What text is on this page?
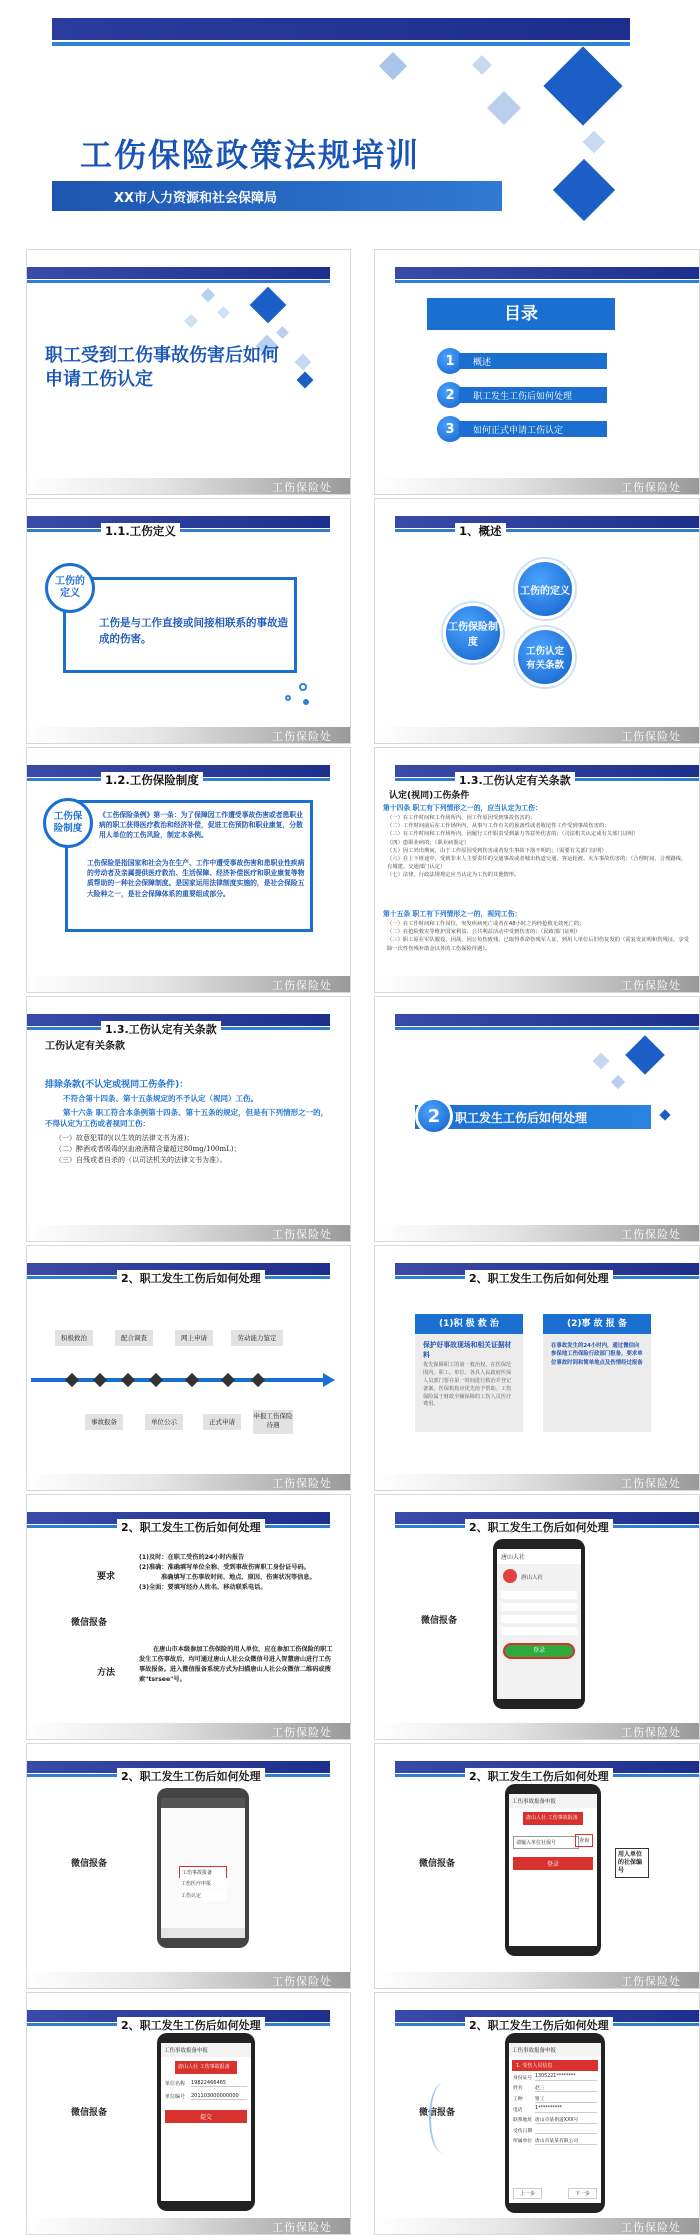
工伤保险政策法规培训
XX市人力资源和社会保障局
职工受到工伤事故伤害后如何申请工伤认定
工伤保险处
目录
1	概述
2	职工发生工伤后如何处理
3	如何正式申请工伤认定
工伤保险处
1.1.工伤定义
工伤的定义
工伤是与工作直接或间接相联系的事故造成的伤害。
工伤保险处
1、概述
工伤的定义
工伤保险制度
工伤认定有关条款
工伤保险处
1.2.工伤保险制度
工伤保险制度
《工伤保险条例》第一条：为了保障因工作遭受事故伤害或者患职业病的职工获得医疗救治和经济补偿，促进工伤预防和职业康复，分散用人单位的工伤风险，制定本条例。
工伤保险是指国家和社会为在生产、工作中遭受事故伤害和患职业性疾病的劳动者及亲属提供医疗救治、生活保障、经济补偿医疗和职业康复等物质帮助的一种社会保障制度。是国家运用法律制度实施的，是社会保险五大险种之一，是社会保障体系的重要组成部分。
工伤保险处
1.3.工伤认定有关条款
认定(视同)工伤条件
第十四条 职工有下列情形之一的，应当认定为工伤：
（一）在工作时间和工作场所内，因工作原因受到事故伤害的；
（二）工作时间前后在工作场所内，从事与工作有关的预备性或者收尾性工作受到事故伤害的；
（三）在工作时间和工作场所内，因履行工作职责受到暴力等意外伤害的；（司法机关认定或有关部门证明）
（四）患职业病的；（职业病鉴定）
（五）因工外出期间，由于工作原因受到伤害或者发生事故下落不明的；（需要有关部门证明）
（六）在上下班途中，受到非本人主要责任的交通事故或者城市轨道交通、客运轮渡、火车事故伤害的；（合理时间、合理路线，有城建、交通部门认定）
（七）法律、行政法规规定应当认定为工伤的其他情形。
第十五条 职工有下列情形之一的，视同工伤：
（一）在工作时间和工作岗位，突发疾病死亡或者在48小时之内经抢救无效死亡的；
（二）在抢险救灾等维护国家利益、公共利益活动中受到伤害的；（民政部门证明）
（三）职工原在军队服役，因战、因公负伤致残，已取得革命伤残军人证，到用人单位后旧伤复发的（需复发证明和伤残证，享受除一次性伤残补助金以外的工伤保险待遇）。
工伤保险处
1.3.工伤认定有关条款
工伤认定有关条款
排除条款(不认定或视同工伤条件)：
不符合第十四条、第十五条规定的不予认定（视同）工伤。
第十六条 职工符合本条例第十四条、第十五条的规定，但是有下列情形之一的，不得认定为工伤或者视同工伤：
（一）故意犯罪的(以生效的法律文书为准)；
（二）醉酒或者吸毒的(血液酒精含量超过80mg/100mL)；
（三）自残或者自杀的（以司法机关的法律文书为准）。
工伤保险处
职工发生工伤后如何处理
2
工伤保险处
2、职工发生工伤后如何处理
积极救治	配合调查	网上申请	劳动能力鉴定
事故报备	单位公示	正式申请
申报工伤保险待遇
工伤保险处
2、职工发生工伤后如何处理
(1)积 极 救 治
保护好事故现场和相关证据材料
优先保障职工的第一救治权，在医保范围内，职工、单位、各县人民政府医保人员部门要在第一时间进行救治并登记备案，医保机构应优先给予帮助。工伤保险属于财政全额保障的工伤人员医疗费用。
(2)事 故 报 备
在事故发生的24小时内，通过微信向参保地工伤保险行政部门报备，要求单位事故时间和简单地点及伤情经过报备
工伤保险处
2、职工发生工伤后如何处理
要求
微信报备
方法
(1)及时：在职工受伤的24小时内报告
(2)准确：准确填写单位全称、受到事故伤害职工身份证号码。
准确填写工伤事故时间、地点、原因、伤害状况等信息。
(3)全面：要填写经办人姓名、移动联系电话。
在唐山市本级参加工伤保险的用人单位，应在参加工伤保险的职工发生工伤事故后，均可通过唐山人社公众微信号进入智慧唐山进行工伤事故报备。进入微信报备系统方式为扫描唐山人社公众微信二维码或搜索"tsrsee"号。
工伤保险处
2、职工发生工伤后如何处理
微信报备
唐山人社
唐山人社
登录
工伤保险处
2、职工发生工伤后如何处理
微信报备
工伤事故报备
工伤医疗申报
工伤认定
工伤保险处
2、职工发生工伤后如何处理
微信报备
工伤事故报备申报
唐山人社 工伤事故报备
请输入单位社保号	查询
登录
用人单位的社保编号
工伤保险处
2、职工发生工伤后如何处理
微信报备
工伤事故报备申报
唐山人社 工伤事故报备
单位名称	19822466465
单位编号	201103000000000
提交
工伤保险处
2、职工发生工伤后如何处理
微信报备
工伤事故报备申报
1. 受伤人员信息
身份证号 1305221********
姓名	赵三
工种	钳工
电话	1**********
联系地址 唐山市某街道XXX号
受伤日期
所属单位 唐山市某某有限公司
上一步	下一步
工伤保险处
